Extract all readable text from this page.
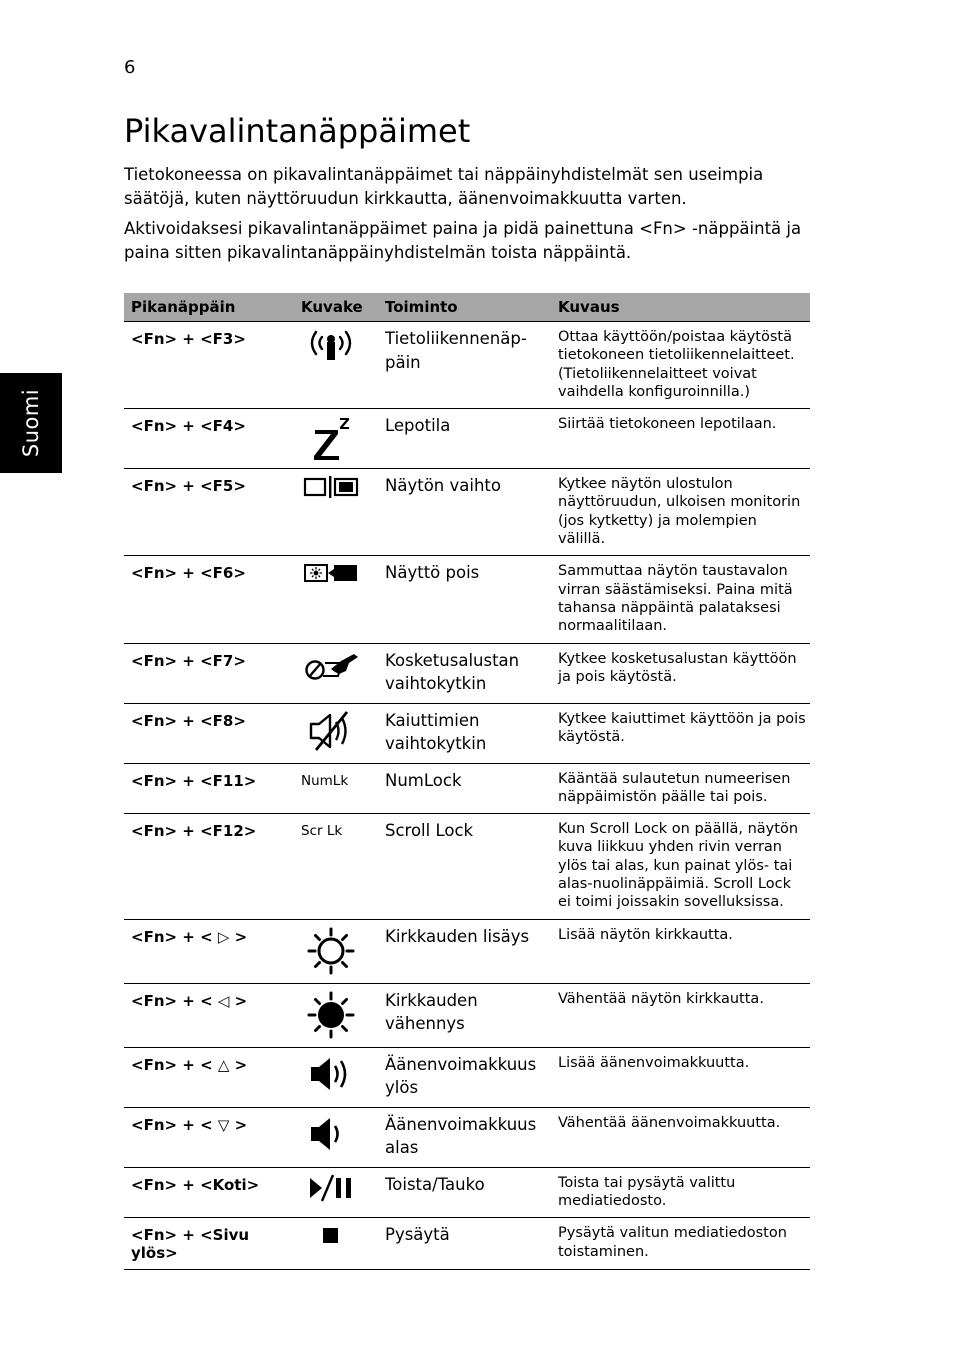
6
Suomi
Pikavalintanäppäimet

Tietokoneessa on pikavalintanäppäimet tai näppäinyhdistelmät sen useimpia säätöjä, kuten näyttöruudun kirkkautta, äänenvoimakkuutta varten.

Aktivoidaksesi pikavalintanäppäimet paina ja pidä painettuna <Fn> -näppäintä ja paina sitten pikavalintanäppäinyhdistelmän toista näppäintä.

Pikanäppäin	Kuvake	Toiminto	Kuvaus
<Fn> + <F3>		Tietoliikennenäp-päin	Ottaa käyttöön/poistaa käytöstä tietokoneen tietoliikennelaitteet. (Tietoliikennelaitteet voivat vaihdella konfiguroinnilla.)
<Fn> + <F4>		Lepotila	Siirtää tietokoneen lepotilaan.
<Fn> + <F5>		Näytön vaihto	Kytkee näytön ulostulon näyttöruudun, ulkoisen monitorin (jos kytketty) ja molempien välillä.
<Fn> + <F6>		Näyttö pois	Sammuttaa näytön taustavalon virran säästämiseksi. Paina mitä tahansa näppäintä palataksesi normaalitilaan.
<Fn> + <F7>		Kosketusalustan vaihtokytkin	Kytkee kosketusalustan käyttöön ja pois käytöstä.
<Fn> + <F8>		Kaiuttimien vaihtokytkin	Kytkee kaiuttimet käyttöön ja pois käytöstä.
<Fn> + <F11>	NumLk	NumLock	Kääntää sulautetun numeerisen näppäimistön päälle tai pois.
<Fn> + <F12>	Scr Lk	Scroll Lock	Kun Scroll Lock on päällä, näytön kuva liikkuu yhden rivin verran ylös tai alas, kun painat ylös- tai alas-nuolinäppäimiä. Scroll Lock ei toimi joissakin sovelluksissa.
<Fn> + < ▷ >		Kirkkauden lisäys	Lisää näytön kirkkautta.
<Fn> + < ◁ >		Kirkkauden vähennys	Vähentää näytön kirkkautta.
<Fn> + < △ >		Äänenvoimakkuus ylös	Lisää äänenvoimakkuutta.
<Fn> + < ▽ >		Äänenvoimakkuus alas	Vähentää äänenvoimakkuutta.
<Fn> + <Koti>		Toista/Tauko	Toista tai pysäytä valittu mediatiedosto.
<Fn> + <Sivu ylös>		Pysäytä	Pysäytä valitun mediatiedoston toistaminen.
